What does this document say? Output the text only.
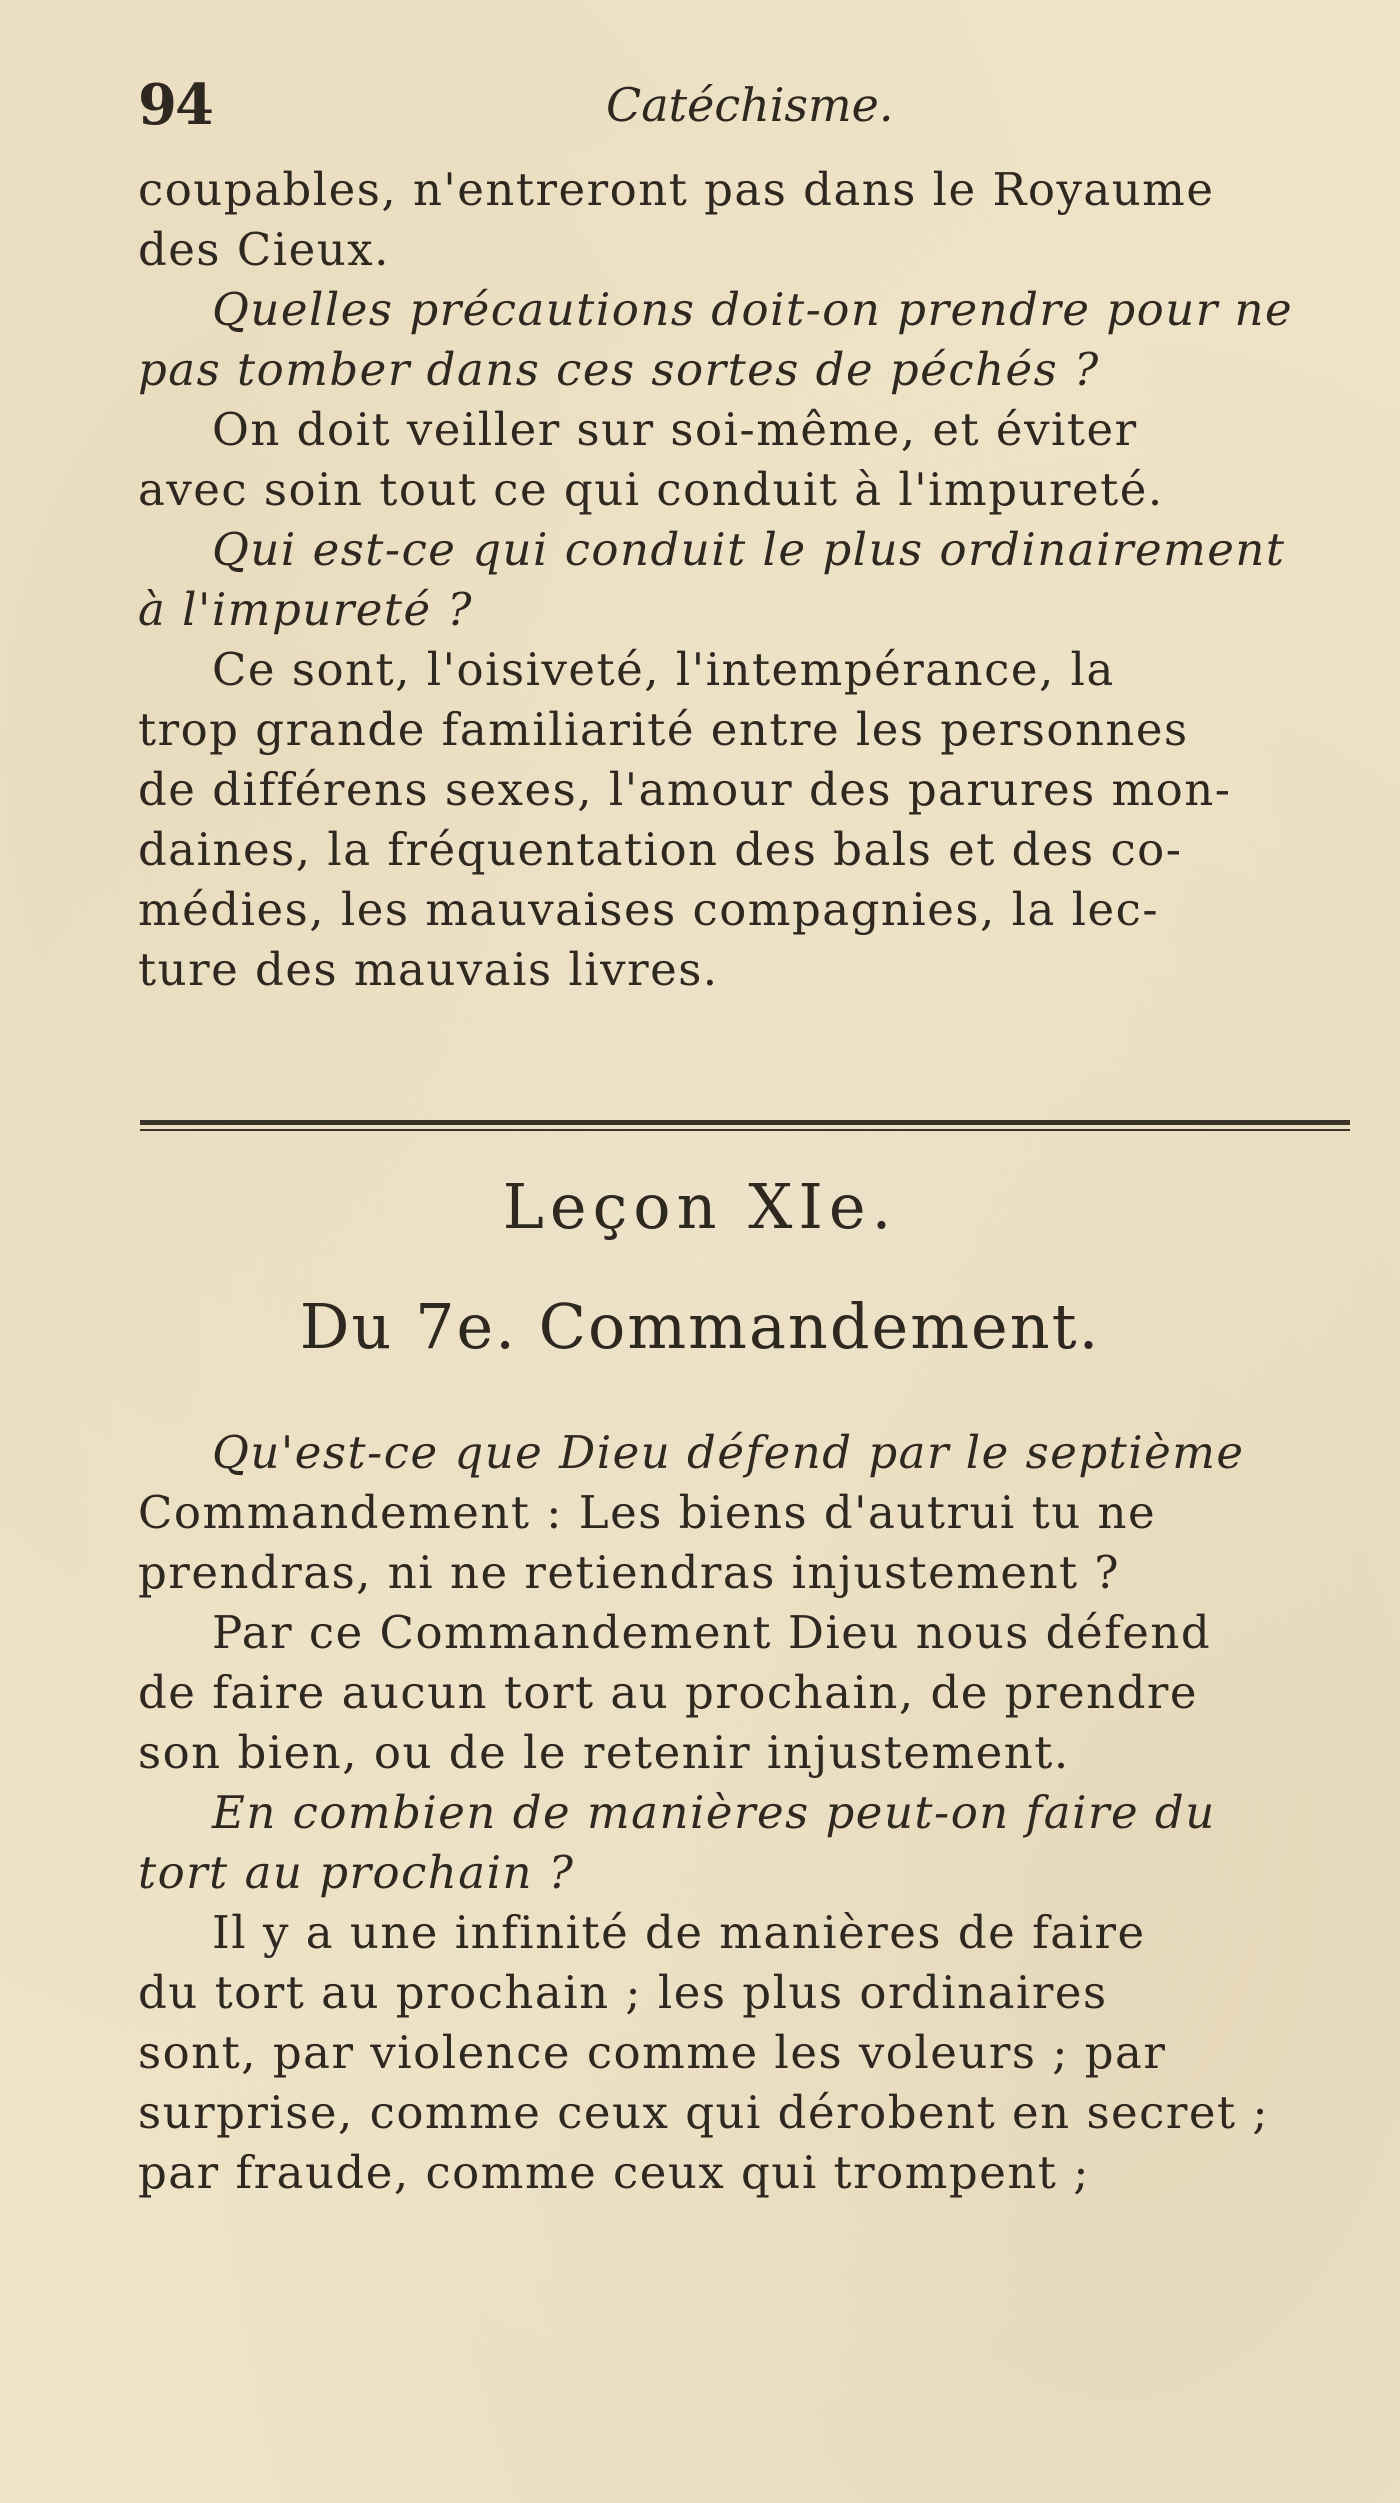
94	Catéchisme.

coupables, n'entreront pas dans le Royaume
des Cieux.
Quelles précautions doit-on prendre pour ne
pas tomber dans ces sortes de péchés ?
On doit veiller sur soi-même, et éviter
avec soin tout ce qui conduit à l'impureté.
Qui est-ce qui conduit le plus ordinairement
à l'impureté ?
Ce sont, l'oisiveté, l'intempérance, la
trop grande familiarité entre les personnes
de différens sexes, l'amour des parures mon-
daines, la fréquentation des bals et des co-
médies, les mauvaises compagnies, la lec-
ture des mauvais livres.

Leçon XIe.
Du 7e. Commandement.

Qu'est-ce que Dieu défend par le septième
Commandement : Les biens d'autrui tu ne
prendras, ni ne retiendras injustement ?
Par ce Commandement Dieu nous défend
de faire aucun tort au prochain, de prendre
son bien, ou de le retenir injustement.
En combien de manières peut-on faire du
tort au prochain ?
Il y a une infinité de manières de faire
du tort au prochain ; les plus ordinaires
sont, par violence comme les voleurs ; par
surprise, comme ceux qui dérobent en secret ;
par fraude, comme ceux qui trompent ;
